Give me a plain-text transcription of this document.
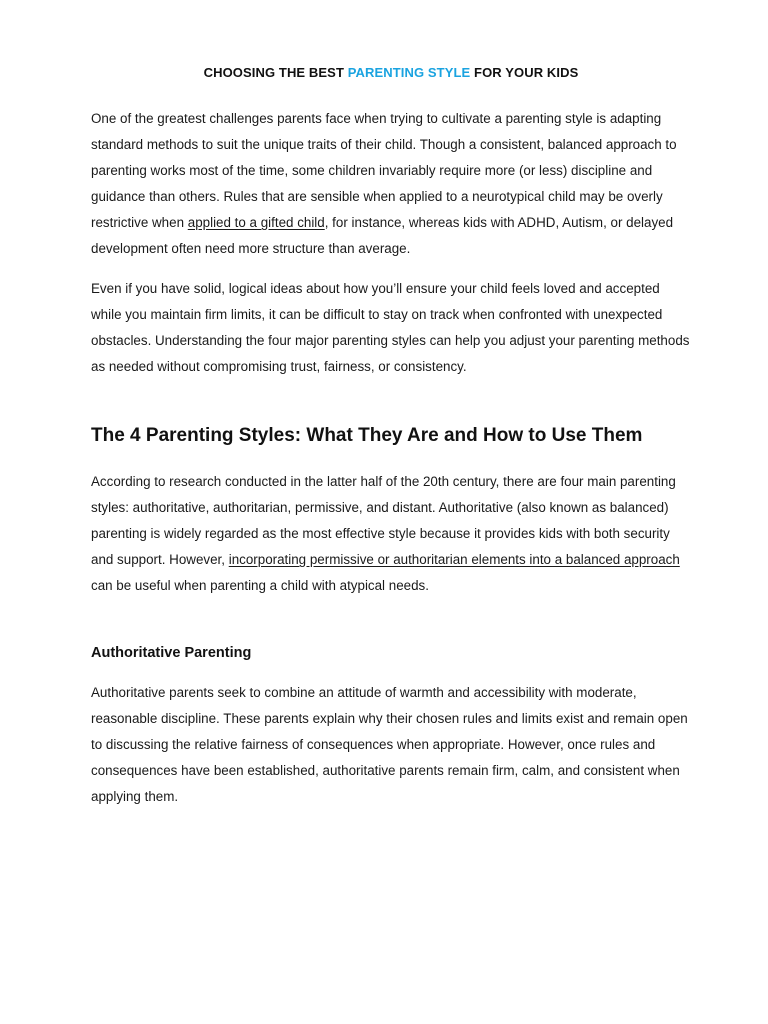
CHOOSING THE BEST PARENTING STYLE FOR YOUR KIDS

One of the greatest challenges parents face when trying to cultivate a parenting style is adapting standard methods to suit the unique traits of their child. Though a consistent, balanced approach to parenting works most of the time, some children invariably require more (or less) discipline and guidance than others. Rules that are sensible when applied to a neurotypical child may be overly restrictive when applied to a gifted child, for instance, whereas kids with ADHD, Autism, or delayed development often need more structure than average.

Even if you have solid, logical ideas about how you’ll ensure your child feels loved and accepted while you maintain firm limits, it can be difficult to stay on track when confronted with unexpected obstacles. Understanding the four major parenting styles can help you adjust your parenting methods as needed without compromising trust, fairness, or consistency.

The 4 Parenting Styles: What They Are and How to Use Them

According to research conducted in the latter half of the 20th century, there are four main parenting styles: authoritative, authoritarian, permissive, and distant. Authoritative (also known as balanced) parenting is widely regarded as the most effective style because it provides kids with both security and support. However, incorporating permissive or authoritarian elements into a balanced approach can be useful when parenting a child with atypical needs.

Authoritative Parenting

Authoritative parents seek to combine an attitude of warmth and accessibility with moderate, reasonable discipline. These parents explain why their chosen rules and limits exist and remain open to discussing the relative fairness of consequences when appropriate. However, once rules and consequences have been established, authoritative parents remain firm, calm, and consistent when applying them.
